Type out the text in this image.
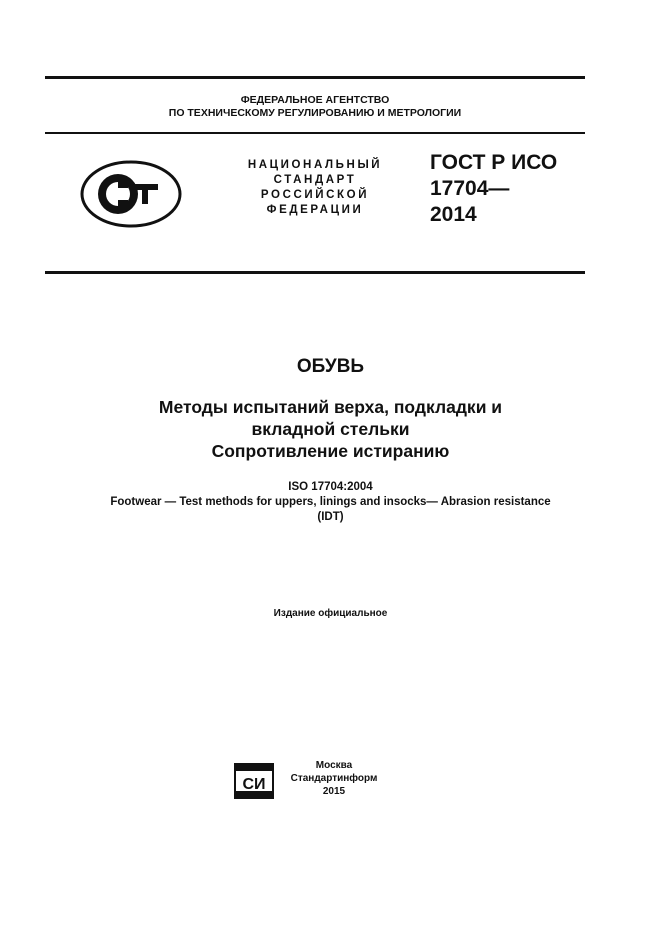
ФЕДЕРАЛЬНОЕ АГЕНТСТВО
ПО ТЕХНИЧЕСКОМУ РЕГУЛИРОВАНИЮ И МЕТРОЛОГИИ
РСТ
НАЦИОНАЛЬНЫЙ
СТАНДАРТ
РОССИЙСКОЙ
ФЕДЕРАЦИИ
ГОСТ Р ИСО
17704—
2014
ОБУВЬ
Методы испытаний верха, подкладки и
вкладной стельки
Сопротивление истиранию
ISO 17704:2004
Footwear — Test methods for uppers, linings and insocks— Abrasion resistance
(IDT)
Издание официальное
СИ
Москва
Стандартинформ
2015
